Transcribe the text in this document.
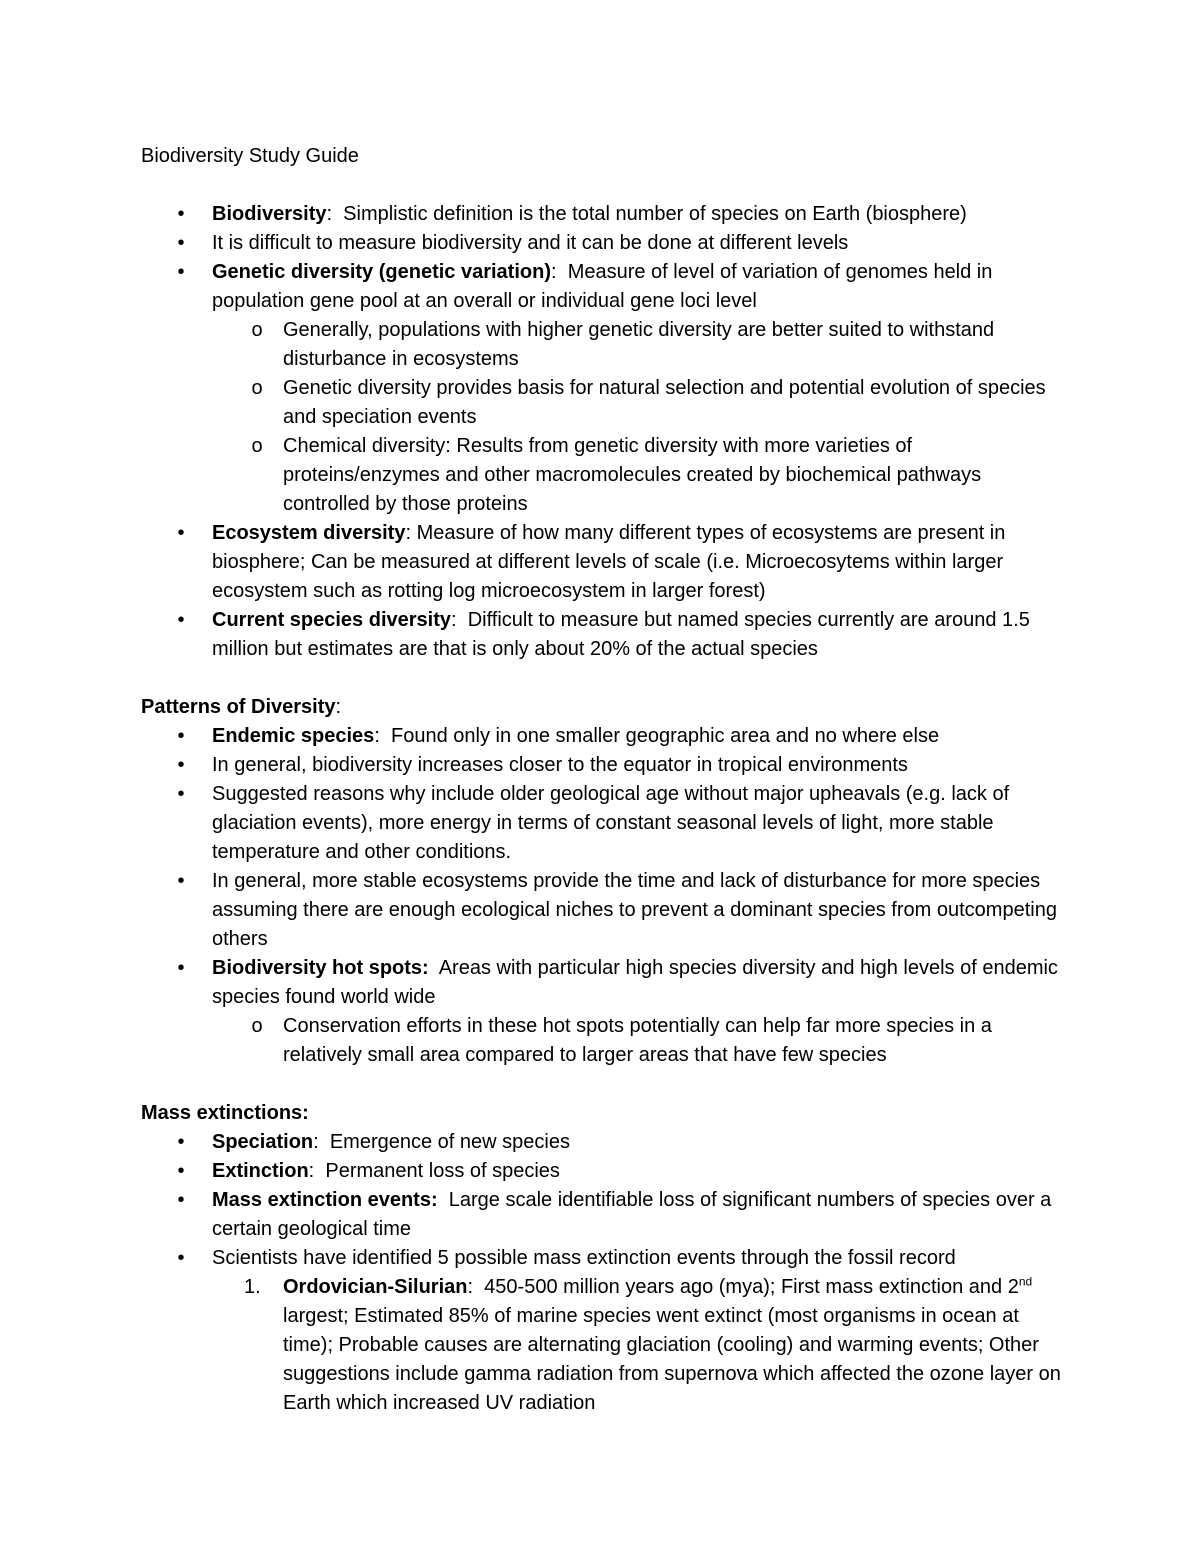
Biodiversity Study Guide

• Biodiversity: Simplistic definition is the total number of species on Earth (biosphere)
• It is difficult to measure biodiversity and it can be done at different levels
• Genetic diversity (genetic variation): Measure of level of variation of genomes held in population gene pool at an overall or individual gene loci level
o Generally, populations with higher genetic diversity are better suited to withstand disturbance in ecosystems
o Genetic diversity provides basis for natural selection and potential evolution of species and speciation events
o Chemical diversity: Results from genetic diversity with more varieties of proteins/enzymes and other macromolecules created by biochemical pathways controlled by those proteins
• Ecosystem diversity: Measure of how many different types of ecosystems are present in biosphere; Can be measured at different levels of scale (i.e. Microecosytems within larger ecosystem such as rotting log microecosystem in larger forest)
• Current species diversity: Difficult to measure but named species currently are around 1.5 million but estimates are that is only about 20% of the actual species

Patterns of Diversity:

• Endemic species: Found only in one smaller geographic area and no where else
• In general, biodiversity increases closer to the equator in tropical environments
• Suggested reasons why include older geological age without major upheavals (e.g. lack of glaciation events), more energy in terms of constant seasonal levels of light, more stable temperature and other conditions.
• In general, more stable ecosystems provide the time and lack of disturbance for more species assuming there are enough ecological niches to prevent a dominant species from outcompeting others
• Biodiversity hot spots: Areas with particular high species diversity and high levels of endemic species found world wide
o Conservation efforts in these hot spots potentially can help far more species in a relatively small area compared to larger areas that have few species

Mass extinctions:

• Speciation: Emergence of new species
• Extinction: Permanent loss of species
• Mass extinction events: Large scale identifiable loss of significant numbers of species over a certain geological time
• Scientists have identified 5 possible mass extinction events through the fossil record
1. Ordovician-Silurian: 450-500 million years ago (mya); First mass extinction and 2nd largest; Estimated 85% of marine species went extinct (most organisms in ocean at time); Probable causes are alternating glaciation (cooling) and warming events; Other suggestions include gamma radiation from supernova which affected the ozone layer on Earth which increased UV radiation
